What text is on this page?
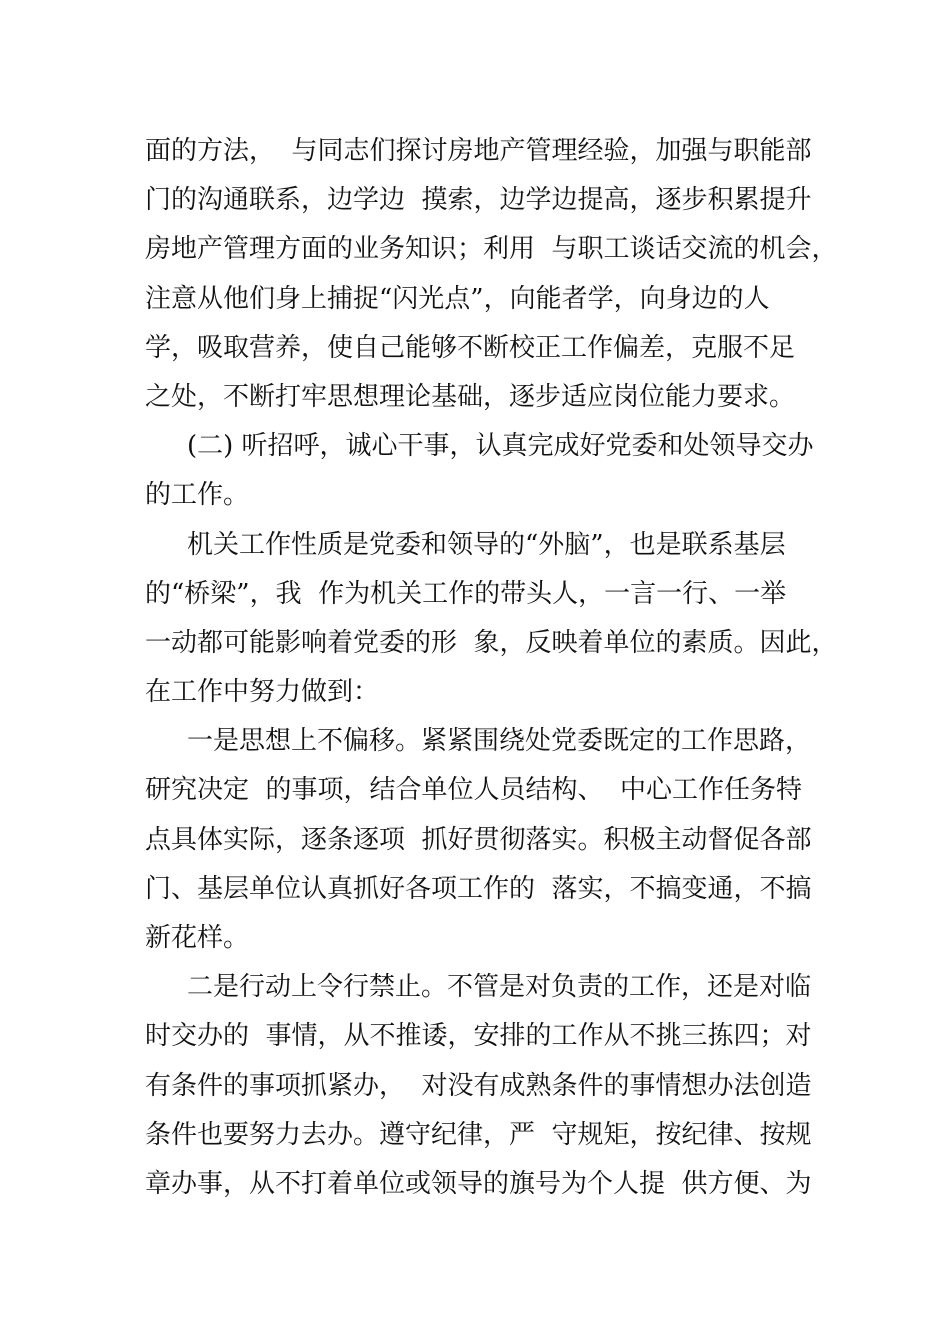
面的方法，  与同志们探讨房地产管理经验，加强与职能部
门的沟通联系，边学边  摸索，边学边提高，逐步积累提升
房地产管理方面的业务知识；利用  与职工谈话交流的机会，
注意从他们身上捕捉“闪光点”，向能者学，向身边的人
学，吸取营养，使自己能够不断校正工作偏差，克服不足
之处，不断打牢思想理论基础，逐步适应岗位能力要求。
(二) 听招呼，诚心干事，认真完成好党委和处领导交办
的工作。
机关工作性质是党委和领导的“外脑”，也是联系基层
的“桥梁”，我  作为机关工作的带头人，一言一行、一举
一动都可能影响着党委的形  象，反映着单位的素质。因此，
在工作中努力做到：
一是思想上不偏移。紧紧围绕处党委既定的工作思路，
研究决定  的事项，结合单位人员结构、  中心工作任务特
点具体实际，逐条逐项  抓好贯彻落实。积极主动督促各部
门、基层单位认真抓好各项工作的  落实，不搞变通，不搞
新花样。
二是行动上令行禁止。不管是对负责的工作，还是对临
时交办的  事情，从不推诿，安排的工作从不挑三拣四；对
有条件的事项抓紧办，  对没有成熟条件的事情想办法创造
条件也要努力去办。遵守纪律，严  守规矩，按纪律、按规
章办事，从不打着单位或领导的旗号为个人提  供方便、为
